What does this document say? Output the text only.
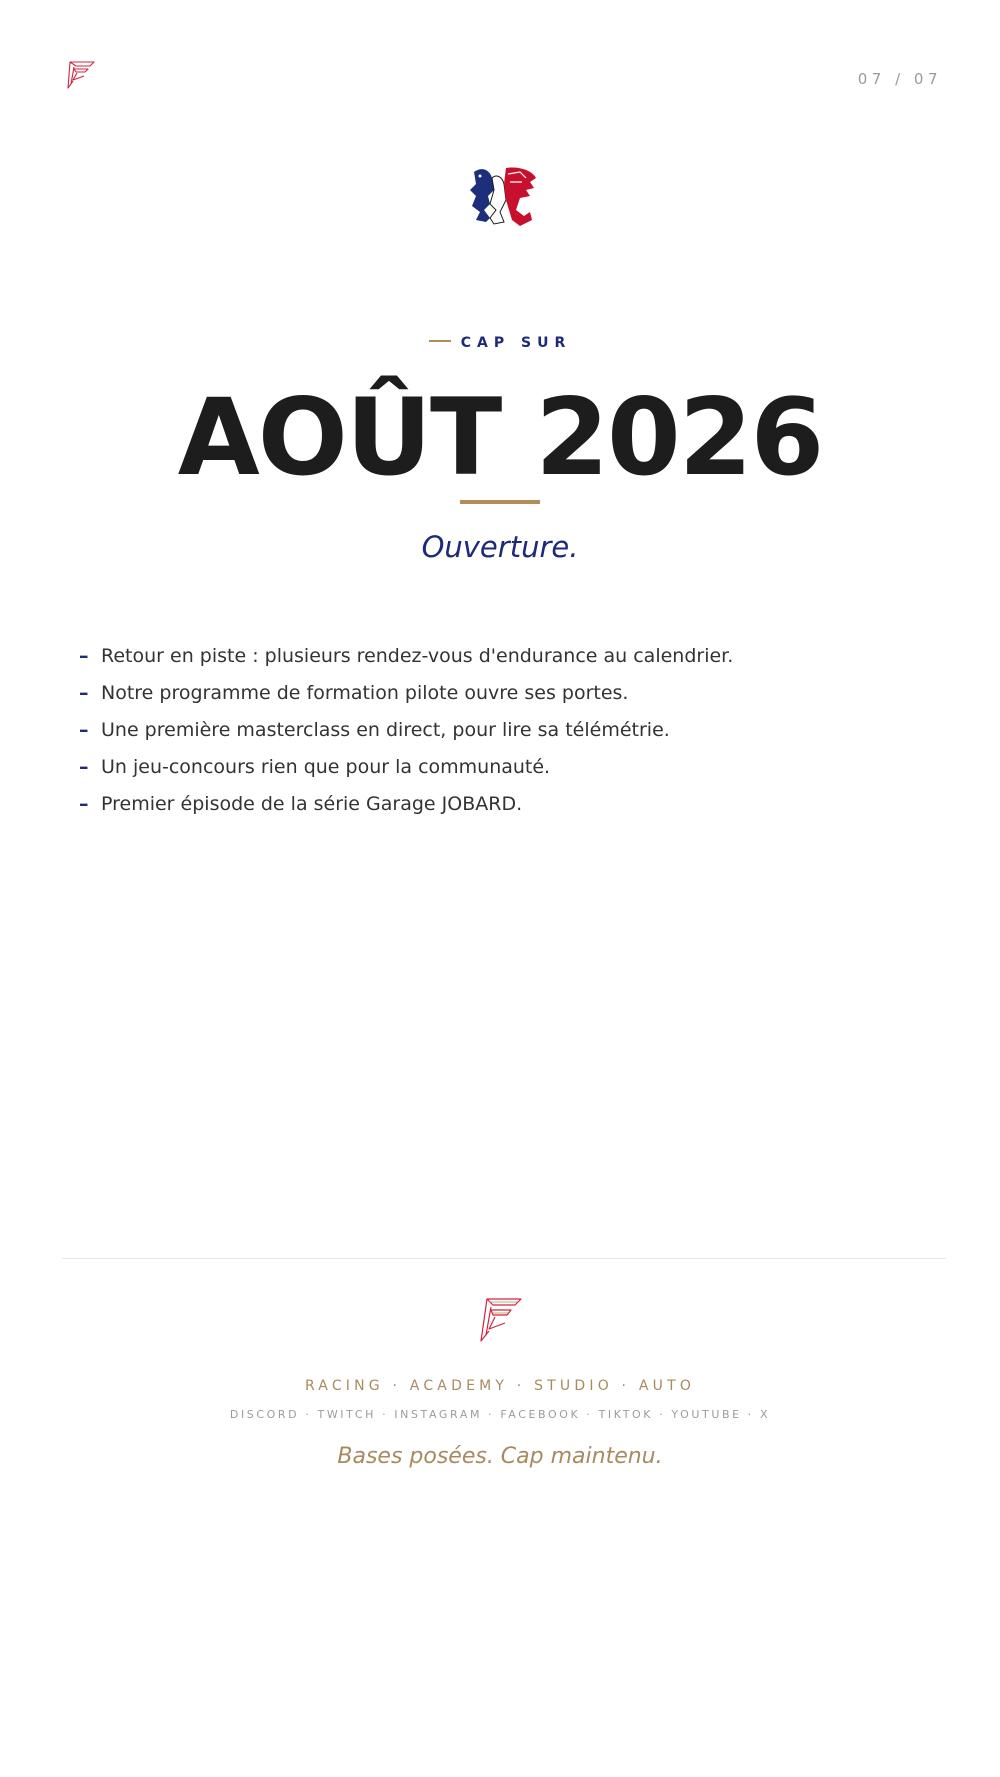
07 / 07
CAP SUR
AOÛT 2026
Ouverture.
– Retour en piste : plusieurs rendez-vous d'endurance au calendrier.
– Notre programme de formation pilote ouvre ses portes.
– Une première masterclass en direct, pour lire sa télémétrie.
– Un jeu-concours rien que pour la communauté.
– Premier épisode de la série Garage JOBARD.
RACING · ACADEMY · STUDIO · AUTO
DISCORD · TWITCH · INSTAGRAM · FACEBOOK · TIKTOK · YOUTUBE · X
Bases posées. Cap maintenu.
